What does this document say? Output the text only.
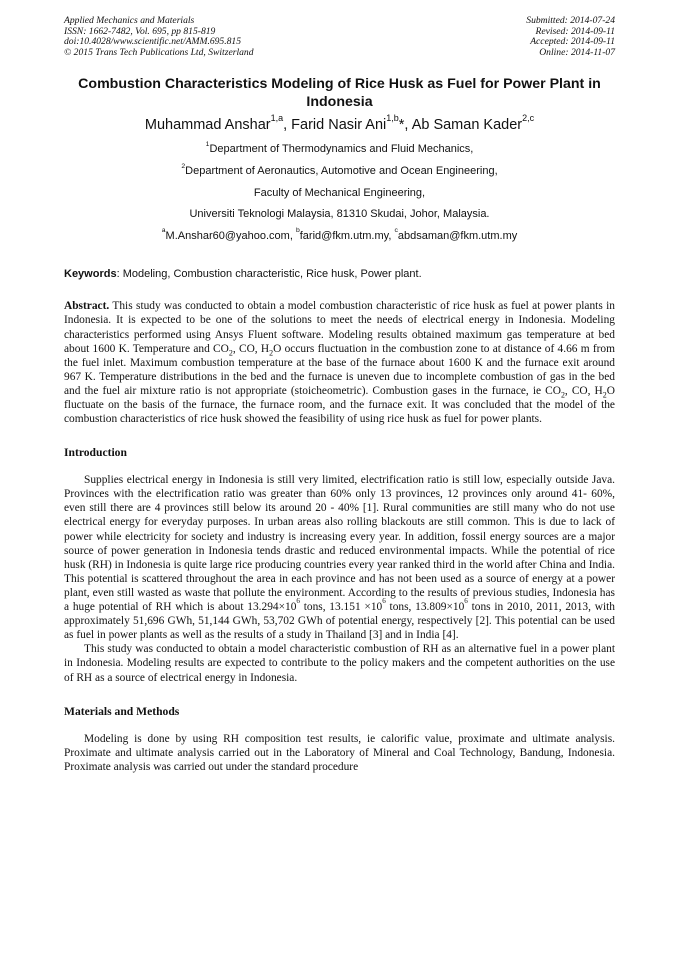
Applied Mechanics and Materials
ISSN: 1662-7482, Vol. 695, pp 815-819
doi:10.4028/www.scientific.net/AMM.695.815
© 2015 Trans Tech Publications Ltd, Switzerland
Submitted: 2014-07-24
Revised: 2014-09-11
Accepted: 2014-09-11
Online: 2014-11-07
Combustion Characteristics Modeling of Rice Husk as Fuel for Power Plant in Indonesia
Muhammad Anshar$^{1,a}$, Farid Nasir Ani$^{1,b}$*, Ab Saman Kader$^{2,c}$
$^1$Department of Thermodynamics and Fluid Mechanics,
$^2$Department of Aeronautics, Automotive and Ocean Engineering,
Faculty of Mechanical Engineering,
Universiti Teknologi Malaysia, 81310 Skudai, Johor, Malaysia.
$^a$M.Anshar60@yahoo.com, $^b$farid@fkm.utm.my, $^c$abdsaman@fkm.utm.my
Keywords: Modeling, Combustion characteristic, Rice husk, Power plant.
Abstract. This study was conducted to obtain a model combustion characteristic of rice husk as fuel at power plants in Indonesia. It is expected to be one of the solutions to meet the needs of electrical energy in Indonesia. Modeling characteristics performed using Ansys Fluent software. Modeling results obtained maximum gas temperature at bed about 1600 K. Temperature and $CO_2$, CO, $H_2O$ occurs fluctuation in the combustion zone to at distance of 4.66 m from the fuel inlet. Maximum combustion temperature at the base of the furnace about 1600 K and the furnace exit around 967 K. Temperature distributions in the bed and the furnace is uneven due to incomplete combustion of gas in the bed and the fuel air mixture ratio is not appropriate (stoicheometric). Combustion gases in the furnace, ie $CO_2$, CO, $H_2O$ fluctuate on the basis of the furnace, the furnace room, and the furnace exit. It was concluded that the model of the combustion characteristics of rice husk showed the feasibility of using rice husk as fuel for power plants.
Introduction

Supplies electrical energy in Indonesia is still very limited, electrification ratio is still low, especially outside Java. Provinces with the electrification ratio was greater than 60% only 13 provinces, 12 provinces only around 41- 60%, even still there are 4 provinces still below its around 20 - 40% [1]. Rural communities are still many who do not use electrical energy for everyday purposes. In urban areas also rolling blackouts are still common. This is due to lack of power while electricity for society and industry is increasing every year. In addition, fossil energy sources are a major source of power generation in Indonesia tends drastic and reduced environmental impacts. While the potential of rice husk (RH) in Indonesia is quite large rice producing countries every year ranked third in the world after China and India. This potential is scattered throughout the area in each province and has not been used as a source of energy at a power plant, even still wasted as waste that pollute the environment. According to the results of previous studies, Indonesia has a huge potential of RH which is about $13.294\times 10^6$ tons, $13.151 \times 10^6$ tons, $13.809\times 10^6$ tons in 2010, 2011, 2013, with approximately 51,696 GWh, 51,144 GWh, 53,702 GWh of potential energy, respectively [2]. This potential can be used as fuel in power plants as well as the results of a study in Thailand [3] and in India [4].

This study was conducted to obtain a model characteristic combustion of RH as an alternative fuel in a power plant in Indonesia. Modeling results are expected to contribute to the policy makers and the competent authorities on the use of RH as a source of electrical energy in Indonesia.

Materials and Methods

Modeling is done by using RH composition test results, ie calorific value, proximate and ultimate analysis. Proximate and ultimate analysis carried out in the Laboratory of Mineral and Coal Technology, Bandung, Indonesia. Proximate analysis was carried out under the standard procedure
